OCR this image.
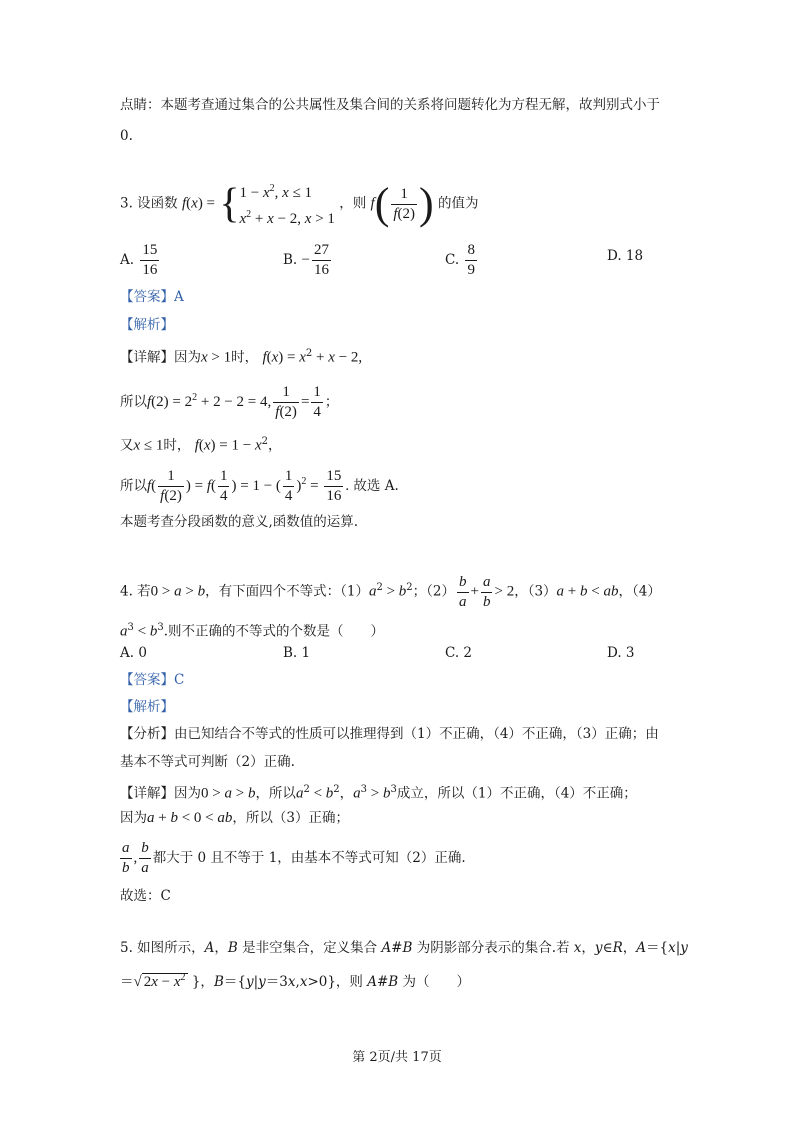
点睛：本题考查通过集合的公共属性及集合间的关系将问题转化为方程无解，故判别式小于
0.
3. 设函数 f(x) = { $1 - x^2$, x ≤ 1
$x^2 + x - 2$, x > 1
，则 $f( \frac{1}{f(2)}$ ) 的值为
A. $\frac{15}{16}$	B. − $\frac{27}{16}$	C. $\frac{8}{9}$	D. 18
【答案】A
【解析】
【详解】因为x > 1时， $f(x) = x^2 + x - 2$,
所以$f(2) = 2^2 + 2 - 2 = 4$, $\frac{1}{f(2)} = \frac{1}{4}$ ；
又x ≤ 1时， $f(x) = 1 - x^2$，
所以$f( \frac{1}{f(2)}$ ) = $f( \frac{1}{4}$ ) = 1 − ( $\frac{1}{4} )^2 = \frac{15}{16}$ . 故选 A.
本题考查分段函数的意义,函数值的运算.
4. 若0 > a > b，有下面四个不等式：$(1)a^2 > b^2$；$(2) \frac{b}{a} + \frac{a}{b} > 2$，（3）a + b < ab，（4）
$a^3 < b^3$.则不正确的不等式的个数是（　　）
A. 0	B. 1	C. 2	D. 3
【答案】C
【解析】
【分析】由已知结合不等式的性质可以推理得到（1）不正确，（4）不正确，（3）正确；由
基本不等式可判断（2）正确.
【详解】因为0 > a > b，所以$a^2 < b^2$，$a^3 > b^3$成立，所以（1）不正确，（4）不正确；
因为a + b < 0 < ab，所以（3）正确；
$\frac{a}{b}$ , $\frac{b}{a}$ 都大于 0 且不等于 1，由基本不等式可知（2）正确.
故选：C
5. 如图所示，A，B 是非空集合，定义集合 A#B 为阴影部分表示的集合.若 x，y∈R，A＝{x|y
＝√ $2x - x^2$ }，B＝{y|y＝3x,x>0}，则 A#B 为（　　）
第 2页/共 17页
